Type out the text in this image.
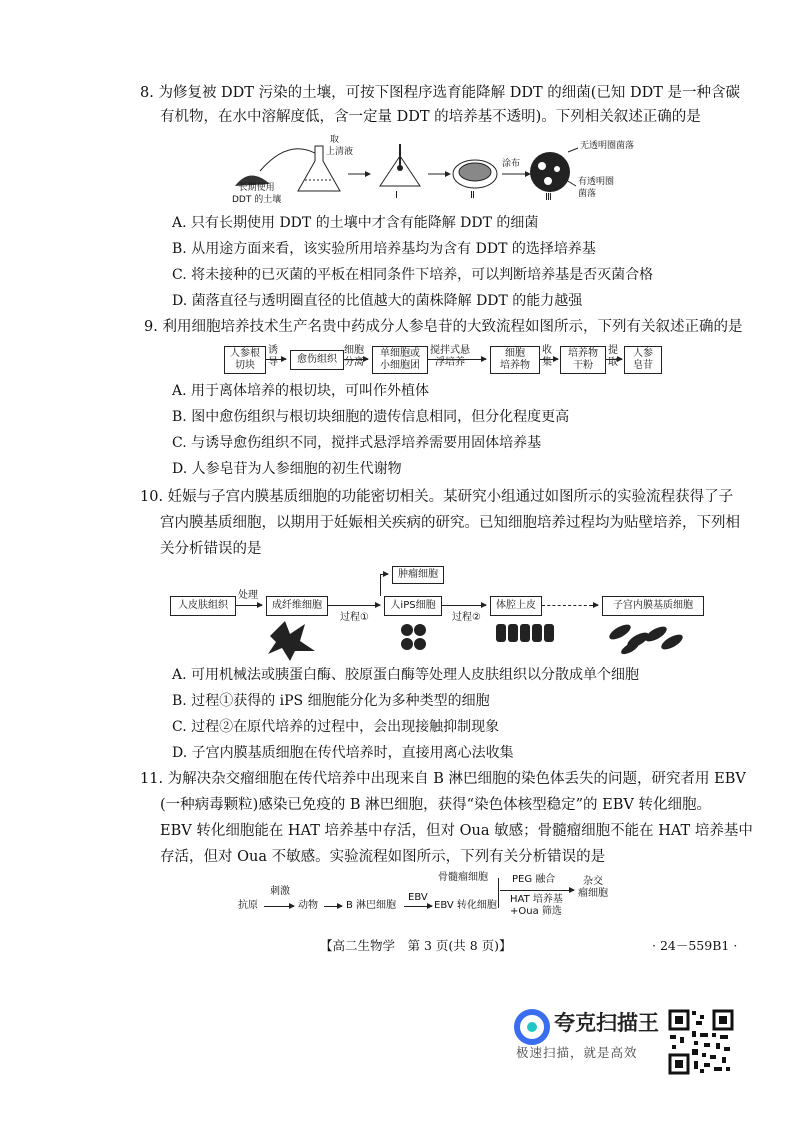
8. 为修复被 DDT 污染的土壤，可按下图程序选育能降解 DDT 的细菌(已知 DDT 是一种含碳
有机物，在水中溶解度低，含一定量 DDT 的培养基不透明)。下列相关叙述正确的是
长期使用
DDT 的土壤
取
上清液
Ⅰ	Ⅱ	Ⅲ
涂布
无透明圈菌落
有透明圈
菌落
A. 只有长期使用 DDT 的土壤中才含有能降解 DDT 的细菌
B. 从用途方面来看，该实验所用培养基均为含有 DDT 的选择培养基
C. 将未接种的已灭菌的平板在相同条件下培养，可以判断培养基是否灭菌合格
D. 菌落直径与透明圈直径的比值越大的菌株降解 DDT 的能力越强
9. 利用细胞培养技术生产名贵中药成分人参皂苷的大致流程如图所示，下列有关叙述正确的是
人参根
切块
诱
导	愈伤组织
细胞
分离
单细胞或
小细胞团
搅拌式悬
浮培养
细胞
培养物
收
集
培养物
干粉
提
取
人参
皂苷
A. 用于离体培养的根切块，可叫作外植体
B. 图中愈伤组织与根切块细胞的遗传信息相同，但分化程度更高
C. 与诱导愈伤组织不同，搅拌式悬浮培养需要用固体培养基
D. 人参皂苷为人参细胞的初生代谢物
10. 妊娠与子宫内膜基质细胞的功能密切相关。某研究小组通过如图所示的实验流程获得了子
宫内膜基质细胞，以期用于妊娠相关疾病的研究。已知细胞培养过程均为贴壁培养，下列相
关分析错误的是
人皮肤组织
处理
成纤维细胞
过程①
人iPS细胞
肿瘤细胞
过程②
体腔上皮	子宫内膜基质细胞
A. 可用机械法或胰蛋白酶、胶原蛋白酶等处理人皮肤组织以分散成单个细胞
B. 过程①获得的 iPS 细胞能分化为多种类型的细胞
C. 过程②在原代培养的过程中，会出现接触抑制现象
D. 子宫内膜基质细胞在传代培养时，直接用离心法收集
11. 为解决杂交瘤细胞在传代培养中出现来自 B 淋巴细胞的染色体丢失的问题，研究者用 EBV
(一种病毒颗粒)感染已免疫的 B 淋巴细胞，获得“染色体核型稳定”的 EBV 转化细胞。
EBV 转化细胞能在 HAT 培养基中存活，但对 Oua 敏感；骨髓瘤细胞不能在 HAT 培养基中
存活，但对 Oua 不敏感。实验流程如图所示，下列有关分析错误的是
抗原
刺激
动物	B 淋巴细胞
EBV
EBV 转化细胞
骨髓瘤细胞 PEG 融合
HAT 培养基
+Oua 筛选
杂交
瘤细胞
【高二生物学　第 3 页(共 8 页)】	· 24－559B1 ·
夸克扫描王
极速扫描，就是高效
